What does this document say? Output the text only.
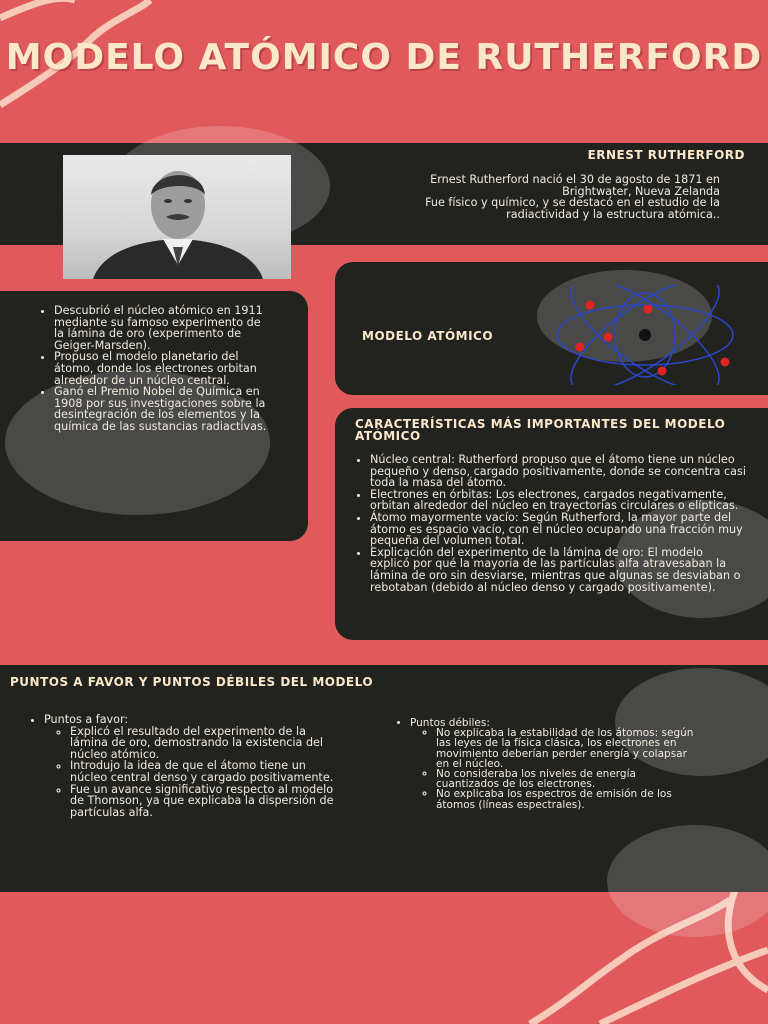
MODELO ATÓMICO DE RUTHERFORD
ERNEST RUTHERFORD
Ernest Rutherford nació el 30 de agosto de 1871 en Brightwater, Nueva Zelanda
Fue físico y químico, y se destacó en el estudio de la radiactividad y la estructura atómica..
• Descubrió el núcleo atómico en 1911 mediante su famoso experimento de la lámina de oro (experimento de Geiger-Marsden).
• Propuso el modelo planetario del átomo, donde los electrones orbitan alrededor de un núcleo central.
• Ganó el Premio Nobel de Química en 1908 por sus investigaciones sobre la desintegración de los elementos y la química de las sustancias radiactivas.
MODELO ATÓMICO
CARACTERÍSTICAS MÁS IMPORTANTES DEL MODELO ATÓMICO
• Núcleo central: Rutherford propuso que el átomo tiene un núcleo pequeño y denso, cargado positivamente, donde se concentra casi toda la masa del átomo.
• Electrones en órbitas: Los electrones, cargados negativamente, orbitan alrededor del núcleo en trayectorias circulares o elípticas.
• Átomo mayormente vacío: Según Rutherford, la mayor parte del átomo es espacio vacío, con el núcleo ocupando una fracción muy pequeña del volumen total.
• Explicación del experimento de la lámina de oro: El modelo explicó por qué la mayoría de las partículas alfa atravesaban la lámina de oro sin desviarse, mientras que algunas se desviaban o rebotaban (debido al núcleo denso y cargado positivamente).
PUNTOS A FAVOR Y PUNTOS DÉBILES DEL MODELO
• Puntos a favor:
◦ Explicó el resultado del experimento de la lámina de oro, demostrando la existencia del núcleo atómico.
◦ Introdujo la idea de que el átomo tiene un núcleo central denso y cargado positivamente.
◦ Fue un avance significativo respecto al modelo de Thomson, ya que explicaba la dispersión de partículas alfa.
• Puntos débiles:
◦ No explicaba la estabilidad de los átomos: según las leyes de la física clásica, los electrones en movimiento deberían perder energía y colapsar en el núcleo.
◦ No consideraba los niveles de energía cuantizados de los electrones.
◦ No explicaba los espectros de emisión de los átomos (líneas espectrales).
